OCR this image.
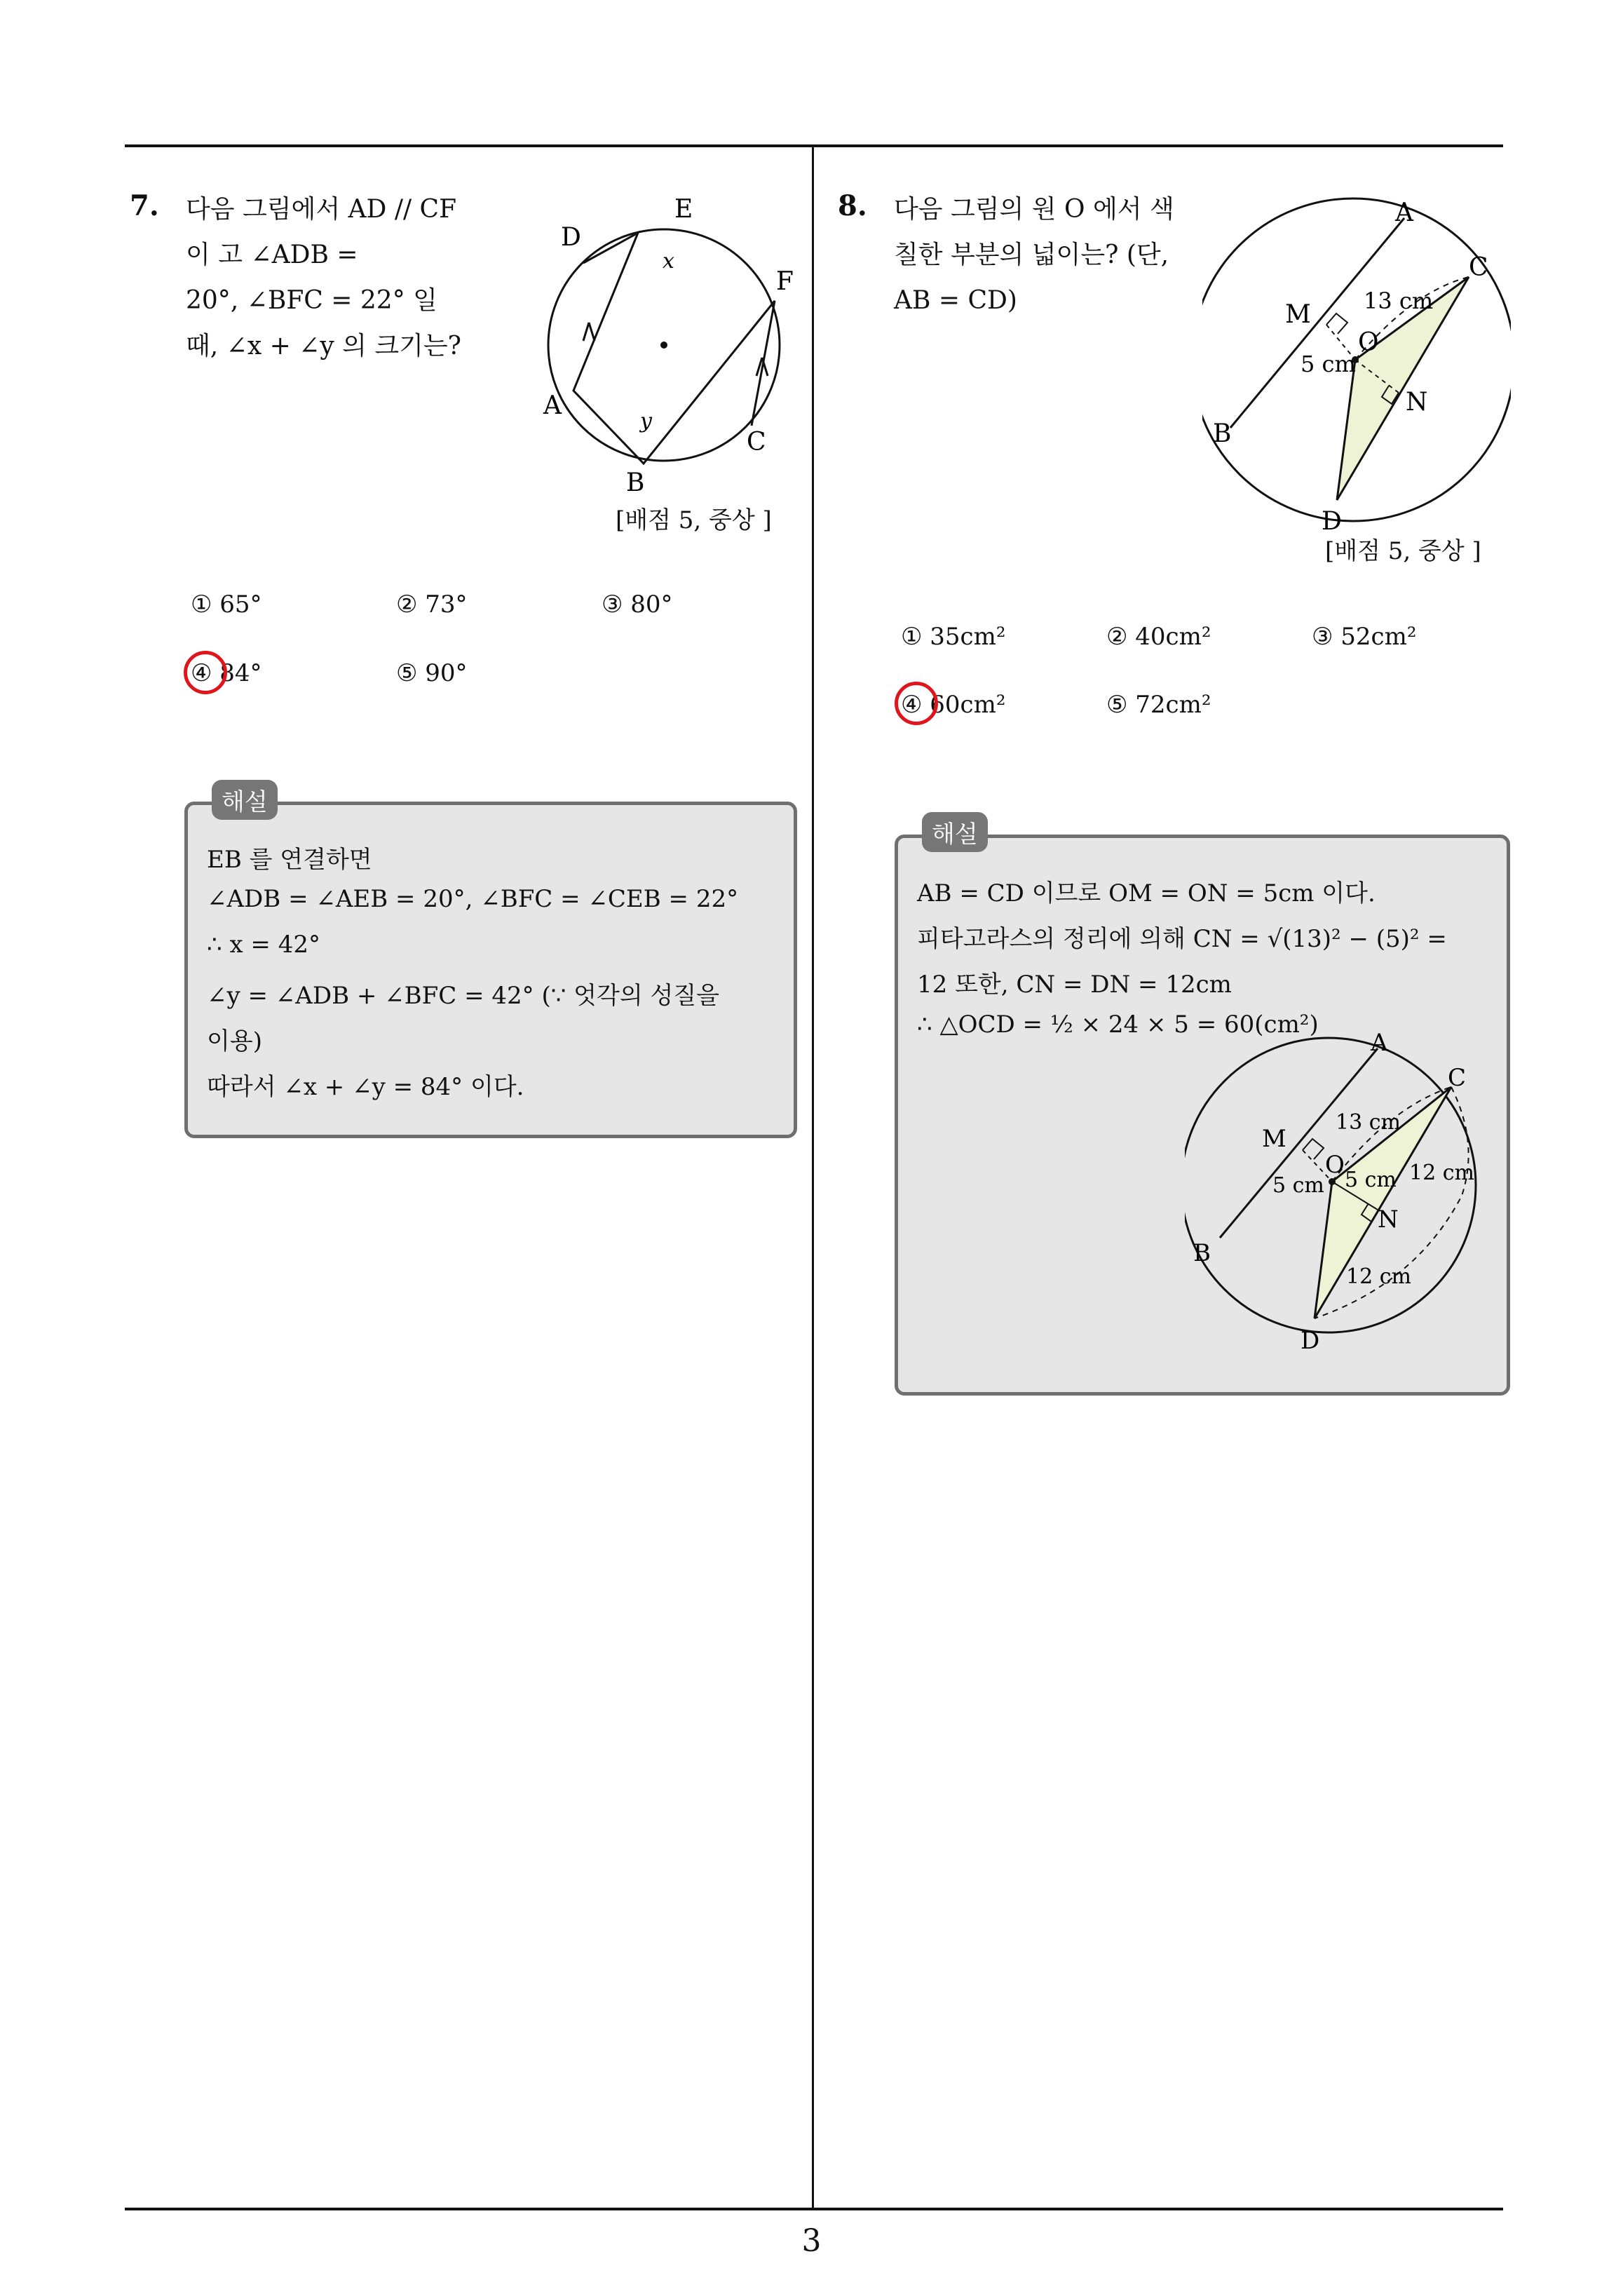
3
7. 다음 그림에서 AD // CF
이 고 ∠ADB =
20°, ∠BFC = 22° 일
때, ∠x + ∠y 의 크기는?
D
E
F
A
C
B
x
y
[배점 5, 중상 ]
① 65°	② 73°	③ 80°
④ 84°	⑤ 90°
해설
EB 를 연결하면
∠ADB = ∠AEB = 20°, ∠BFC = ∠CEB = 22°
∴ x = 42°
∠y = ∠ADB + ∠BFC = 42° (∵ 엇각의 성질을
이용)
따라서 ∠x + ∠y = 84° 이다.
8. 다음 그림의 원 O 에서 색
칠한 부분의 넓이는? (단,
AB = CD)
A
C
M
O
N
B
D
13 cm
5 cm
[배점 5, 중상 ]
① 35cm²	② 40cm²	③ 52cm²
④ 60cm²	⑤ 72cm²
해설
AB = CD 이므로 OM = ON = 5cm 이다.
피타고라스의 정리에 의해 CN = √(13)² − (5)² =
12 또한, CN = DN = 12cm
∴ △OCD = ½ × 24 × 5 = 60(cm²)
A
C
M
O
N
B
D
13 cm
5 cm 5 cm 12 cm
12 cm
